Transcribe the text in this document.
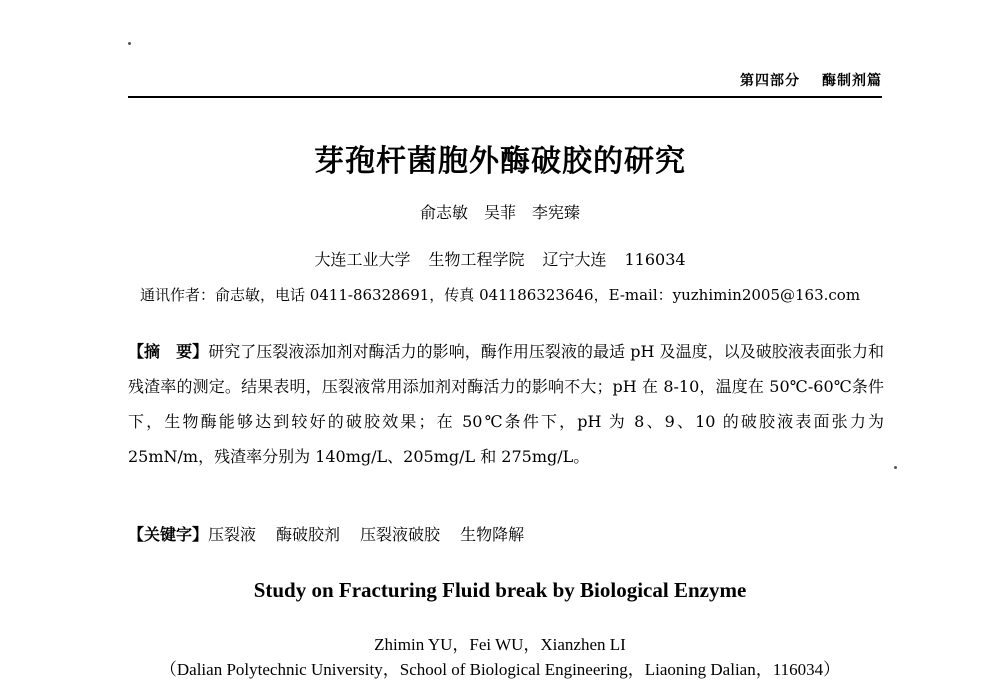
第四部分 酶制剂篇
芽孢杆菌胞外酶破胶的研究
俞志敏 吴菲 李宪臻
大连工业大学 生物工程学院 辽宁大连 116034
通讯作者：俞志敏，电话 0411-86328691，传真 041186323646，E-mail：yuzhimin2005@163.com
【摘　要】研究了压裂液添加剂对酶活力的影响，酶作用压裂液的最适 pH 及温度，以及破胶液表面张力和残渣率的测定。结果表明，压裂液常用添加剂对酶活力的影响不大；pH 在 8-10，温度在 50℃-60℃条件下，生物酶能够达到较好的破胶效果；在 50℃条件下，pH 为 8、9、10 的破胶液表面张力为 25mN/m，残渣率分别为 140mg/L、205mg/L 和 275mg/L。
【关键字】压裂液 酶破胶剂 压裂液破胶 生物降解
Study on Fracturing Fluid break by Biological Enzyme
Zhimin YU，Fei WU，Xianzhen LI
（Dalian Polytechnic University，School of Biological Engineering，Liaoning Dalian，116034）
